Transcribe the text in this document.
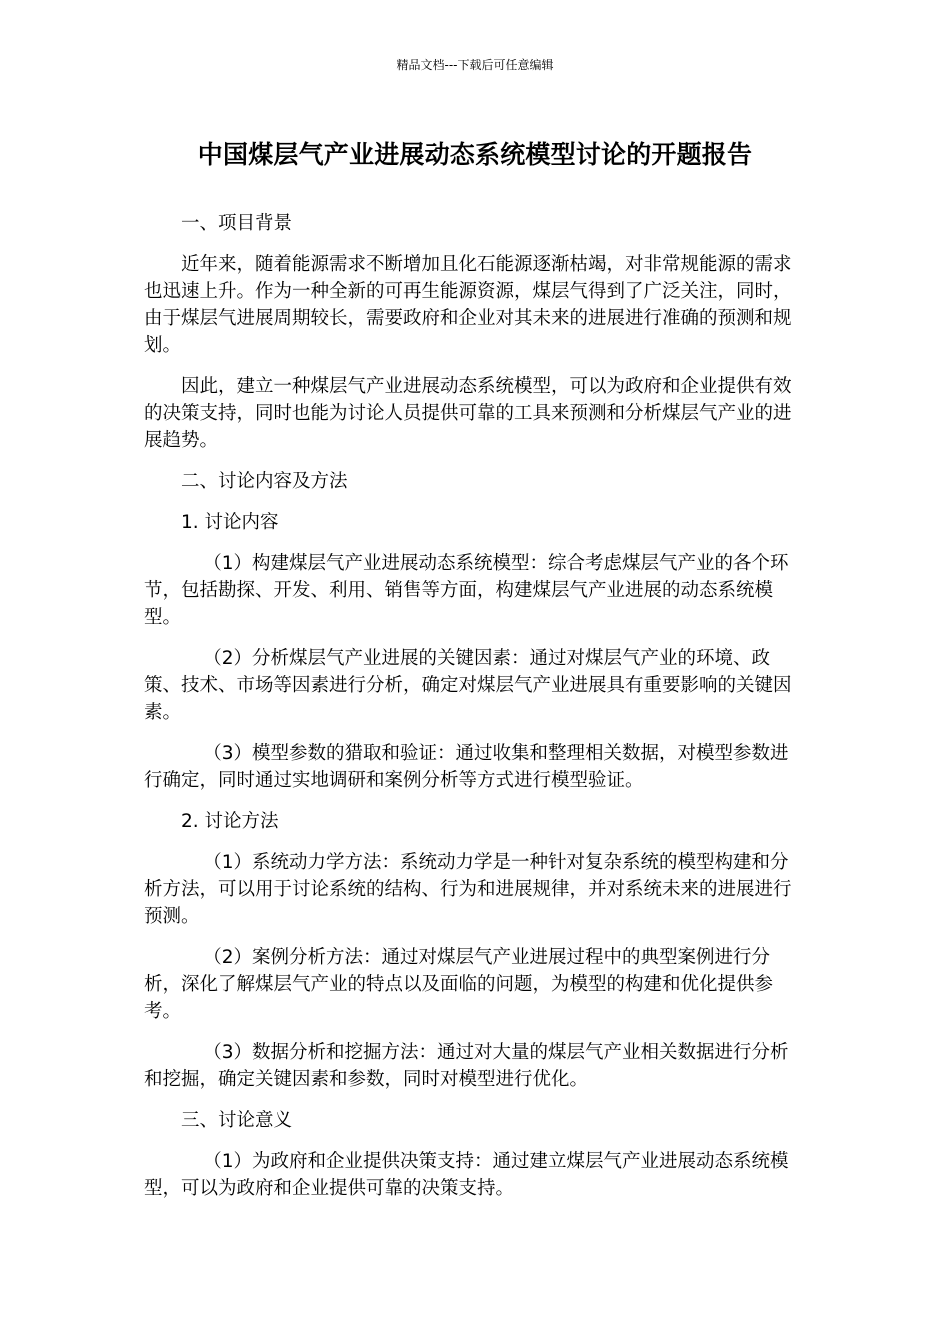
精品文档---下载后可任意编辑
中国煤层气产业进展动态系统模型讨论的开题报告

一、项目背景

近年来，随着能源需求不断增加且化石能源逐渐枯竭，对非常规能源的需求也迅速上升。作为一种全新的可再生能源资源，煤层气得到了广泛关注，同时，由于煤层气进展周期较长，需要政府和企业对其未来的进展进行准确的预测和规划。

因此，建立一种煤层气产业进展动态系统模型，可以为政府和企业提供有效的决策支持，同时也能为讨论人员提供可靠的工具来预测和分析煤层气产业的进展趋势。

二、讨论内容及方法

1. 讨论内容

（1）构建煤层气产业进展动态系统模型：综合考虑煤层气产业的各个环节，包括勘探、开发、利用、销售等方面，构建煤层气产业进展的动态系统模型。

（2）分析煤层气产业进展的关键因素：通过对煤层气产业的环境、政策、技术、市场等因素进行分析，确定对煤层气产业进展具有重要影响的关键因素。

（3）模型参数的猎取和验证：通过收集和整理相关数据，对模型参数进行确定，同时通过实地调研和案例分析等方式进行模型验证。

2. 讨论方法

（1）系统动力学方法：系统动力学是一种针对复杂系统的模型构建和分析方法，可以用于讨论系统的结构、行为和进展规律，并对系统未来的进展进行预测。

（2）案例分析方法：通过对煤层气产业进展过程中的典型案例进行分析，深化了解煤层气产业的特点以及面临的问题，为模型的构建和优化提供参考。

（3）数据分析和挖掘方法：通过对大量的煤层气产业相关数据进行分析和挖掘，确定关键因素和参数，同时对模型进行优化。

三、讨论意义

（1）为政府和企业提供决策支持：通过建立煤层气产业进展动态系统模型，可以为政府和企业提供可靠的决策支持。
